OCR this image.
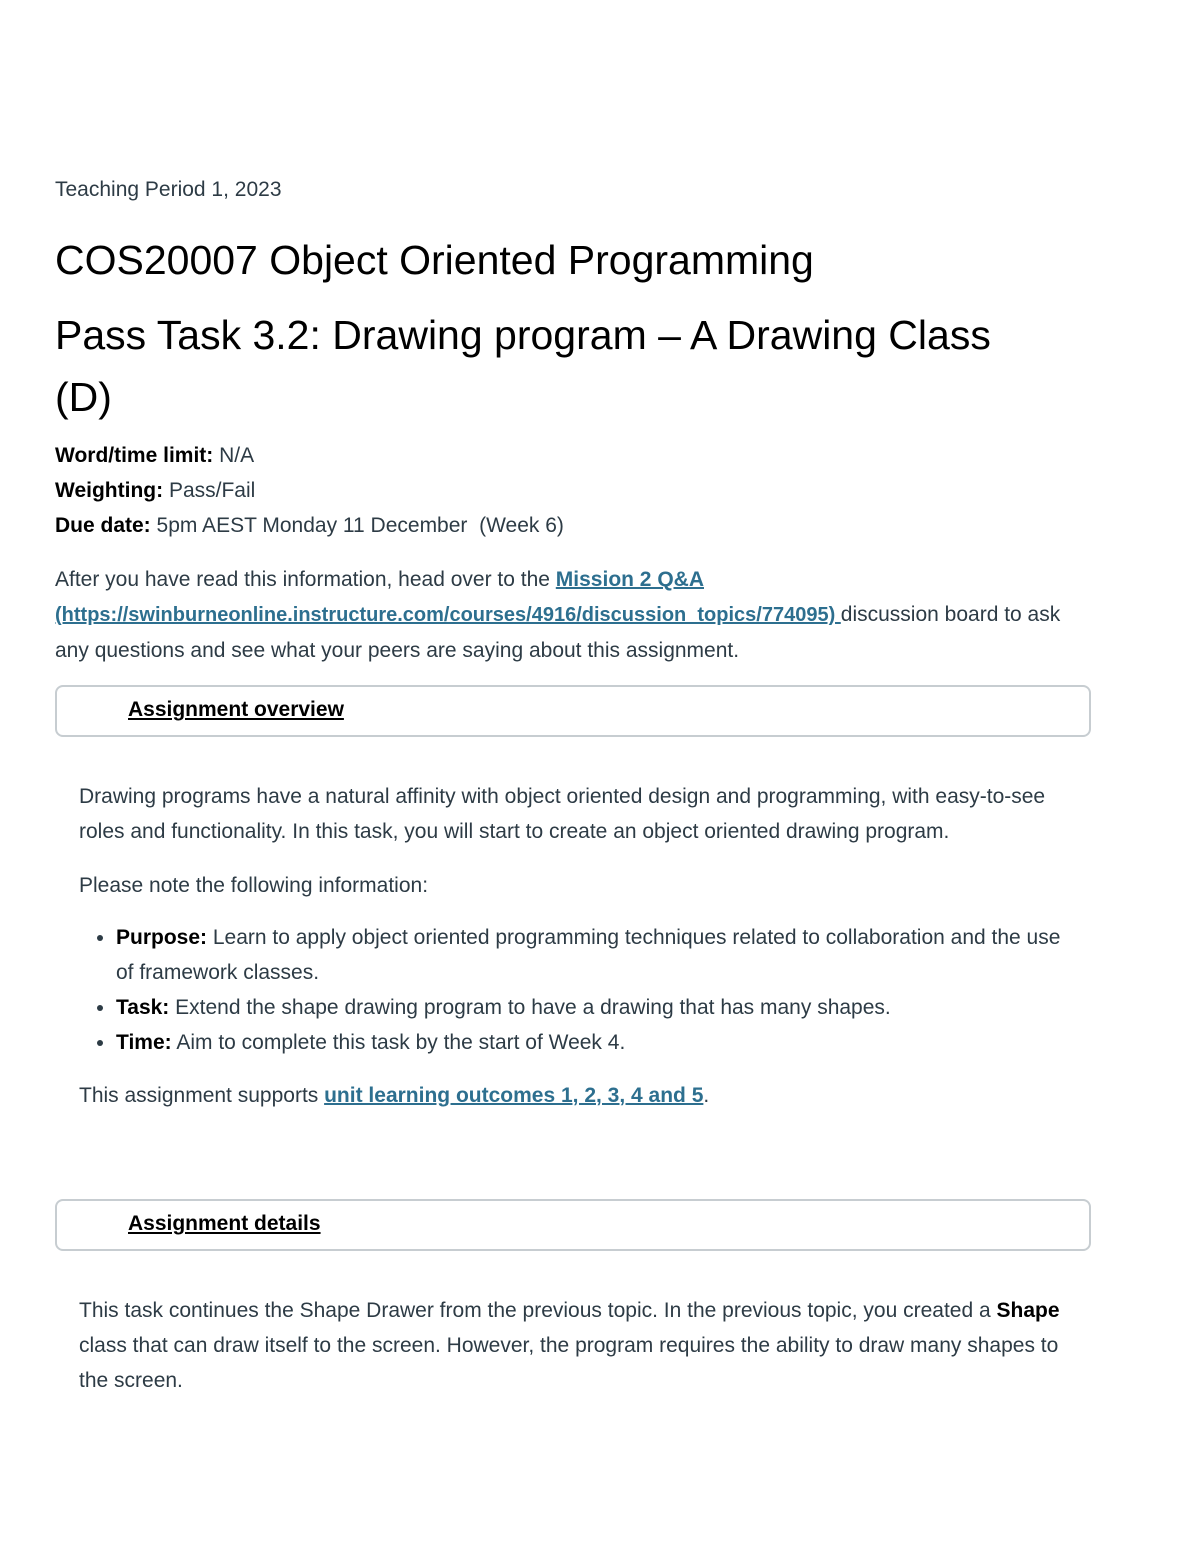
Teaching Period 1, 2023
COS20007 Object Oriented Programming
Pass Task 3.2: Drawing program – A Drawing Class (D)
Word/time limit: N/A
Weighting: Pass/Fail
Due date: 5pm AEST Monday 11 December  (Week 6)

After you have read this information, head over to the Mission 2 Q&A
(https://swinburneonline.instructure.com/courses/4916/discussion_topics/774095) discussion board to ask any questions and see what your peers are saying about this assignment.

Assignment overview

Drawing programs have a natural affinity with object oriented design and programming, with easy-to-see roles and functionality. In this task, you will start to create an object oriented drawing program.

Please note the following information:

• Purpose: Learn to apply object oriented programming techniques related to collaboration and the use of framework classes.
• Task: Extend the shape drawing program to have a drawing that has many shapes.
• Time: Aim to complete this task by the start of Week 4.

This assignment supports unit learning outcomes 1, 2, 3, 4 and 5.

Assignment details

This task continues the Shape Drawer from the previous topic. In the previous topic, you created a Shape class that can draw itself to the screen. However, the program requires the ability to draw many shapes to the screen.
